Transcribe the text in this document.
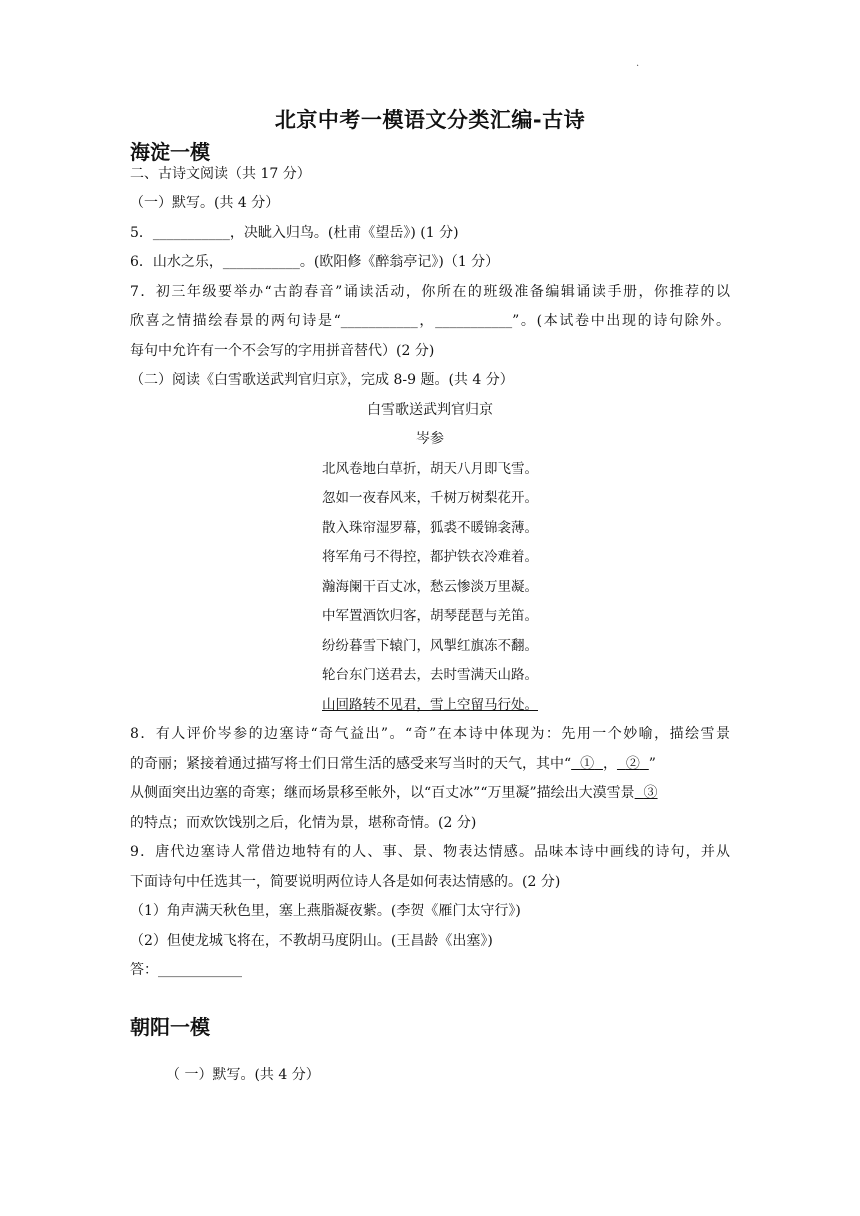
.
北京中考一模语文分类汇编-古诗
海淀一模
二、古诗文阅读（共 17 分）
（一）默写。(共 4 分）
5．___________，决眦入归鸟。(杜甫《望岳》) (1 分)
6．山水之乐，___________。(欧阳修《醉翁亭记》)（1 分）
7．初三年级要举办“古韵春音”诵读活动，你所在的班级准备编辑诵读手册，你推荐的以
欣喜之情描绘春景的两句诗是“___________，___________”。(本试卷中出现的诗句除外。
每句中允许有一个不会写的字用拼音替代）(2 分)
（二）阅读《白雪歌送武判官归京》，完成 8-9 题。(共 4 分）
白雪歌送武判官归京
岑参
北风卷地白草折，胡天八月即飞雪。
忽如一夜春风来，千树万树梨花开。
散入珠帘湿罗幕，狐裘不暖锦衾薄。
将军角弓不得控，都护铁衣冷难着。
瀚海阑干百丈冰，愁云惨淡万里凝。
中军置酒饮归客，胡琴琵琶与羌笛。
纷纷暮雪下辕门，风掣红旗冻不翻。
轮台东门送君去，去时雪满天山路。
山回路转不见君，雪上空留马行处。
8．有人评价岑参的边塞诗“奇气益出”。“奇”在本诗中体现为：先用一个妙喻，描绘雪景
的奇丽；紧接着通过描写将士们日常生活的感受来写当时的天气，其中“ ① ， ② ”
从侧面突出边塞的奇寒；继而场景移至帐外，以“百丈冰”“万里凝”描绘出大漠雪景 ③
的特点；而欢饮饯别之后，化情为景，堪称奇情。(2 分)
9．唐代边塞诗人常借边地特有的人、事、景、物表达情感。品味本诗中画线的诗句，并从
下面诗句中任选其一，简要说明两位诗人各是如何表达情感的。(2 分)
（1）角声满天秋色里，塞上燕脂凝夜紫。(李贺《雁门太守行》)
（2）但使龙城飞将在，不教胡马度阴山。(王昌龄《出塞》)
答：____________
朝阳一模
（ 一）默写。(共 4 分）
